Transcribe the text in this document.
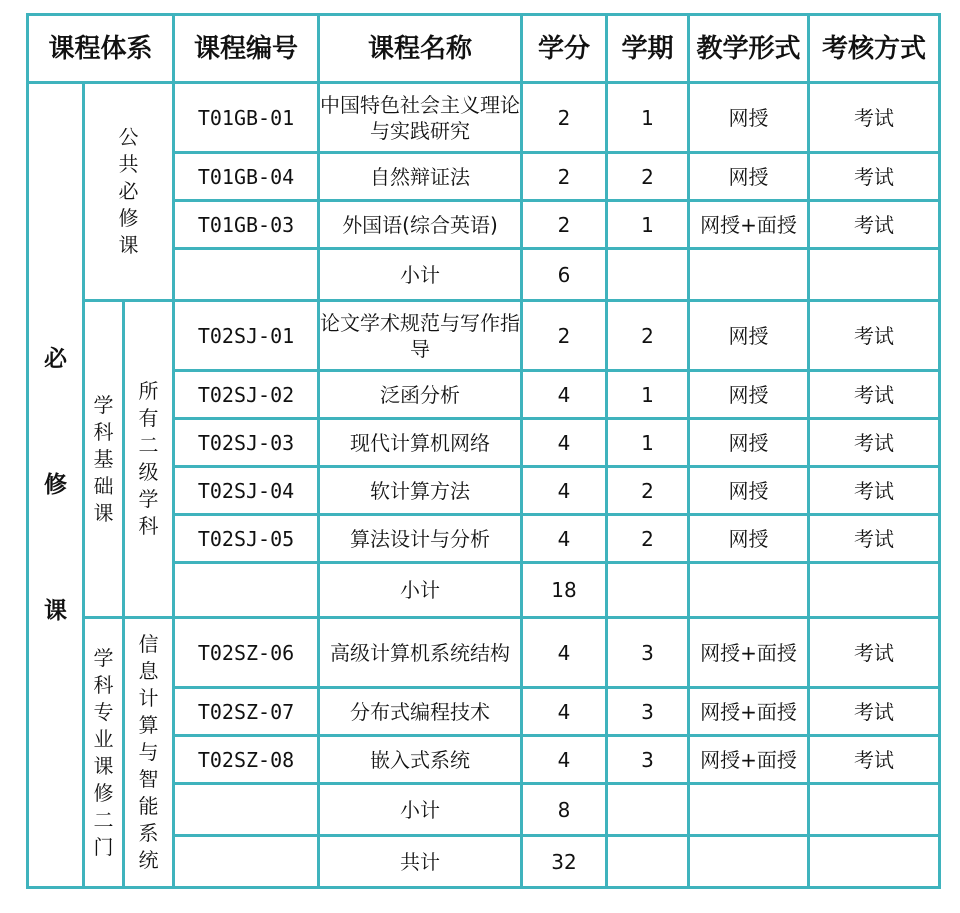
课程体系			课程编号	课程名称	学分	学期	教学形式	考核方式
必修课	公共必修课		T01GB-01	中国特色社会主义理论与实践研究	2	1	网授	考试
			T01GB-04	自然辩证法	2	2	网授	考试
			T01GB-03	外国语(综合英语)	2	1	网授+面授	考试
				小计	6			
	学科基础课	所有二级学科	T02SJ-01	论文学术规范与写作指导	2	2	网授	考试
			T02SJ-02	泛函分析	4	1	网授	考试
			T02SJ-03	现代计算机网络	4	1	网授	考试
			T02SJ-04	软计算方法	4	2	网授	考试
			T02SJ-05	算法设计与分析	4	2	网授	考试
				小计	18			
	学科专业课 修二门	信息计算与智能系统	T02SZ-06	高级计算机系统结构	4	3	网授+面授	考试
			T02SZ-07	分布式编程技术	4	3	网授+面授	考试
			T02SZ-08	嵌入式系统	4	3	网授+面授	考试
				小计	8			
				共计	32			
